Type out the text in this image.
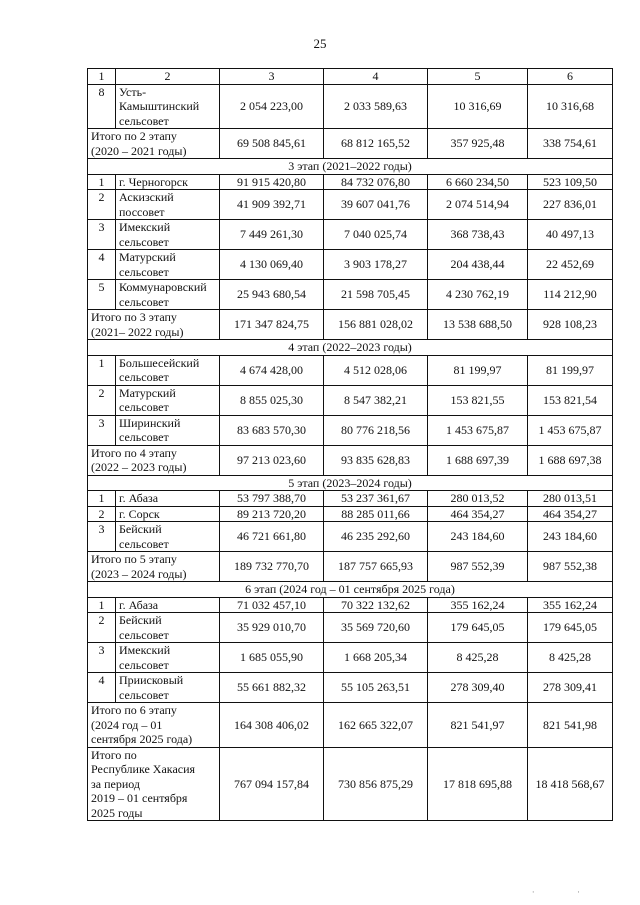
25
1	2	3	4	5	6
8	Усть-
Камыштинский
сельсовет	2 054 223,00	2 033 589,63	10 316,69	10 316,68

Итого по 2 этапу
(2020 – 2021 годы)		69 508 845,61	68 812 165,52	357 925,48	338 754,61
3 этап (2021–2022 годы)					
1	г. Черногорск	91 915 420,80	84 732 076,80	6 660 234,50	523 109,50
2	Аскизский
поссовет	41 909 392,71	39 607 041,76	2 074 514,94	227 836,01
3	Имекский
сельсовет	7 449 261,30	7 040 025,74	368 738,43	40 497,13
4	Матурский
сельсовет	4 130 069,40	3 903 178,27	204 438,44	22 452,69
5	Коммунаровский
сельсовет	25 943 680,54	21 598 705,45	4 230 762,19	114 212,90

Итого по 3 этапу
(2021– 2022 годы)		171 347 824,75	156 881 028,02	13 538 688,50	928 108,23
4 этап (2022–2023 годы)					
1	Большесейский
сельсовет	4 674 428,00	4 512 028,06	81 199,97	81 199,97
2	Матурский
сельсовет	8 855 025,30	8 547 382,21	153 821,55	153 821,54
3	Ширинский
сельсовет	83 683 570,30	80 776 218,56	1 453 675,87	1 453 675,87

Итого по 4 этапу
(2022 – 2023 годы)		97 213 023,60	93 835 628,83	1 688 697,39	1 688 697,38
5 этап (2023–2024 годы)					
1	г. Абаза	53 797 388,70	53 237 361,67	280 013,52	280 013,51
2	г. Сорск	89 213 720,20	88 285 011,66	464 354,27	464 354,27
3	Бейский
сельсовет	46 721 661,80	46 235 292,60	243 184,60	243 184,60

Итого по 5 этапу
(2023 – 2024 годы)		189 732 770,70	187 757 665,93	987 552,39	987 552,38
6 этап (2024 год – 01 сентября 2025 года)					
1	г. Абаза	71 032 457,10	70 322 132,62	355 162,24	355 162,24
2	Бейский
сельсовет	35 929 010,70	35 569 720,60	179 645,05	179 645,05
3	Имекский
сельсовет	1 685 055,90	1 668 205,34	8 425,28	8 425,28
4	Приисковый
сельсовет	55 661 882,32	55 105 263,51	278 309,40	278 309,41

Итого по 6 этапу
(2024 год – 01
сентября 2025 года)		164 308 406,02	162 665 322,07	821 541,97	821 541,98

Итого по
Республике Хакасия
за период
2019 – 01 сентября
2025 годы		767 094 157,84	730 856 875,29	17 818 695,88	18 418 568,67
· ·
